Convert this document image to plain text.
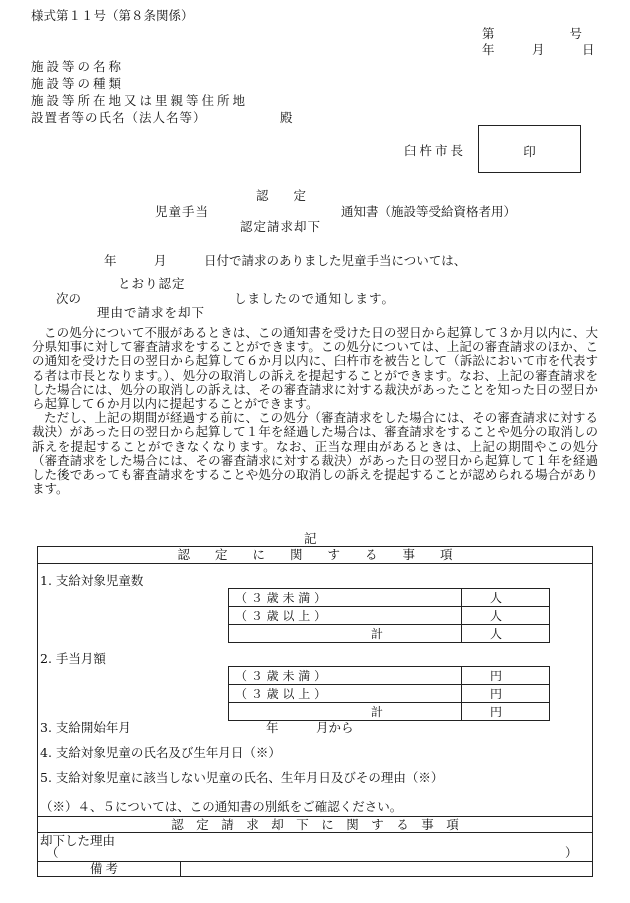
様式第１１号（第８条関係）
第　　　　　　号
年　　　月　　　日
施設等の名称
施設等の種類
施設等所在地又は里親等住所地
設置者等の氏名（法人名等）	殿
臼杵市長	印
認　　定
児童手当	通知書（施設等受給資格者用）
認定請求却下
年　　　月　　　日付で請求のありました児童手当については、
とおり認定
次の	しましたので通知します。
理由で請求を却下

この処分について不服があるときは、この通知書を受けた日の翌日から起算して３か月以内に、大分県知事に対して審査請求をすることができます。この処分については、上記の審査請求のほか、この通知を受けた日の翌日から起算して６か月以内に、臼杵市を被告として（訴訟において市を代表する者は市長となります。）、処分の取消しの訴えを提起することができます。なお、上記の審査請求をした場合には、処分の取消しの訴えは、その審査請求に対する裁決があったことを知った日の翌日から起算して６か月以内に提起することができます。

ただし、上記の期間が経過する前に、この処分（審査請求をした場合には、その審査請求に対する裁決）があった日の翌日から起算して１年を経過した場合は、審査請求をすることや処分の取消しの訴えを提起することができなくなります。なお、正当な理由があるときは、上記の期間やこの処分（審査請求をした場合には、その審査請求に対する裁決）があった日の翌日から起算して１年を経過した後であっても審査請求をすることや処分の取消しの訴えを提起することが認められる場合があります。

記
認　　定　　に　　関　　す　　る　　事　　項
1. 支給対象児童数
（ ３ 歳 未 満 ）	人
（ ３ 歳 以 上 ）	人
計	人
2. 手当月額
（ ３ 歳 未 満 ）	円
（ ３ 歳 以 上 ）	円
計	円
3. 支給開始年月	年　　　月から
4. 支給対象児童の氏名及び生年月日（※）
5. 支給対象児童に該当しない児童の氏名、生年月日及びその理由（※）
（※）４、５については、この通知書の別紙をご確認ください。
認　定　請　求　却　下　に　関　す　る　事　項
却下した理由
（	）
備考
